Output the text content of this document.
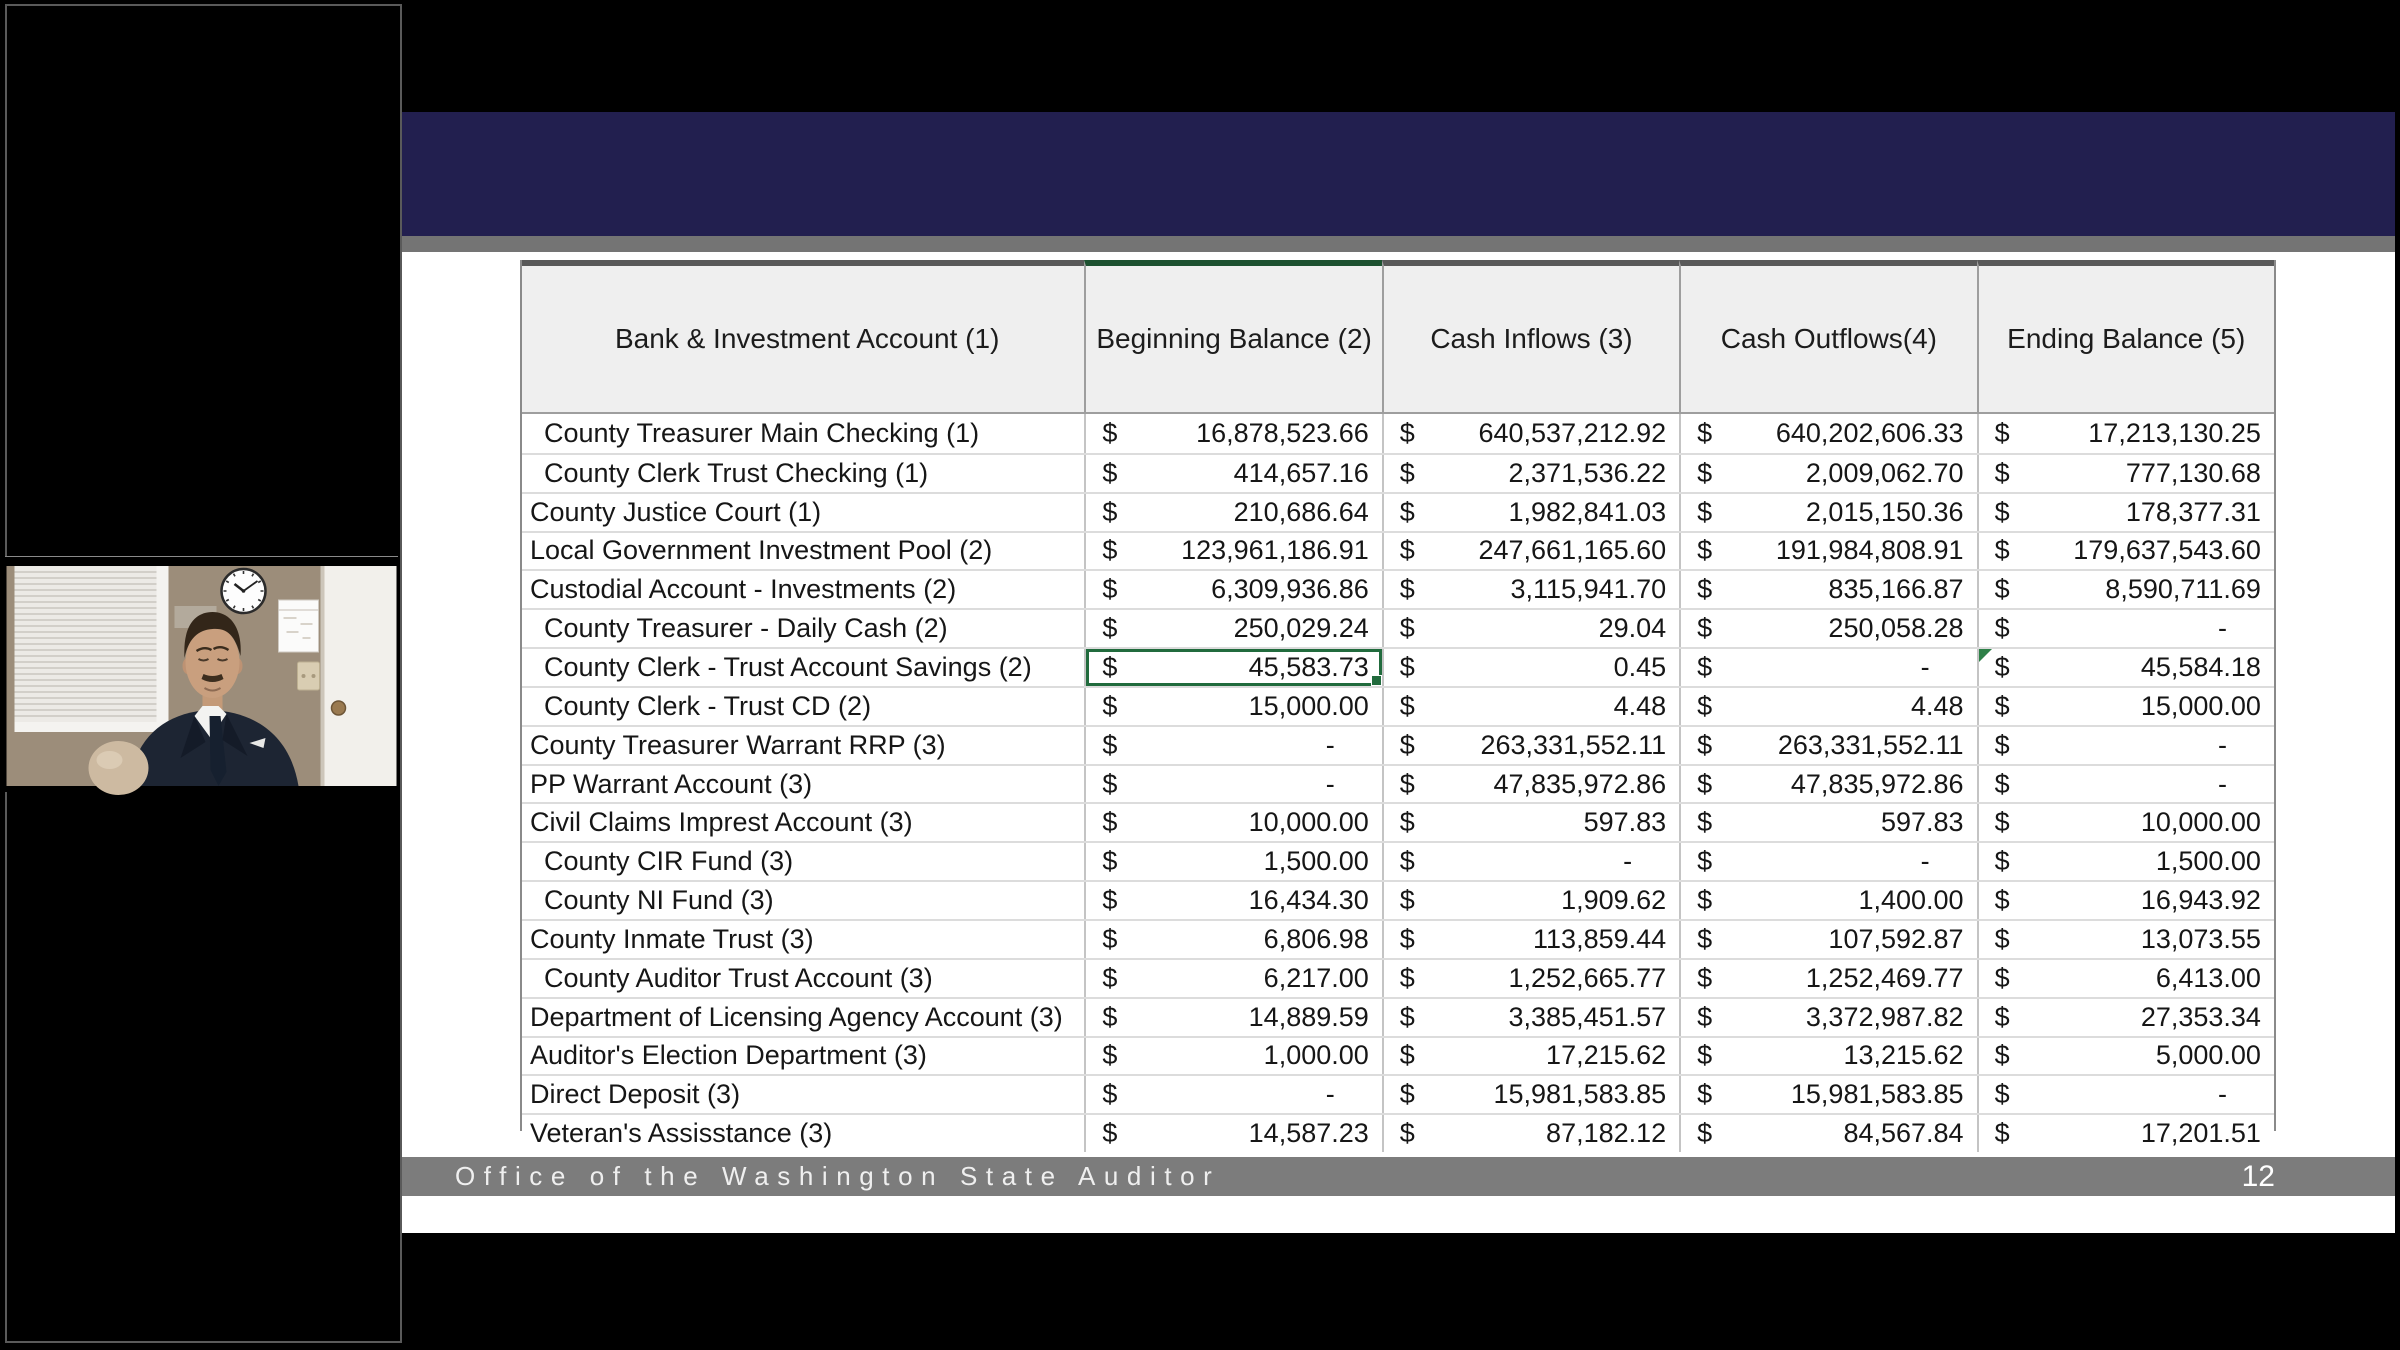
Bank & Investment Account (1)	Beginning Balance (2)	Cash Inflows (3)	Cash Outflows(4)	Ending Balance (5)
County Treasurer Main Checking (1)	$	16,878,523.66 $ 640,537,212.92 $ 640,202,606.33 $	17,213,130.25
County Clerk Trust Checking (1)	$	414,657.16 $	2,371,536.22 $	2,009,062.70 $	777,130.68
County Justice Court (1)	$	210,686.64 $	1,982,841.03 $	2,015,150.36 $	178,377.31
Local Government Investment Pool (2)	$ 123,961,186.91 $ 247,661,165.60 $ 191,984,808.91 $ 179,637,543.60
Custodial Account - Investments (2)	$	6,309,936.86 $	3,115,941.70 $	835,166.87 $	8,590,711.69
County Treasurer - Daily Cash (2)	$	250,029.24 $	29.04 $	250,058.28 $	-
County Clerk - Trust Account Savings (2)	$	45,583.73 $	0.45 $	- $	45,584.18
County Clerk - Trust CD (2)	$	15,000.00 $	4.48 $	4.48 $	15,000.00
County Treasurer Warrant RRP (3)	$	- $ 263,331,552.11 $ 263,331,552.11 $	-
PP Warrant Account (3)	$	- $	47,835,972.86 $	47,835,972.86 $	-
Civil Claims Imprest Account (3)	$	10,000.00 $	597.83 $	597.83 $	10,000.00
County CIR Fund (3)	$	1,500.00 $	- $	- $	1,500.00
County NI Fund (3)	$	16,434.30 $	1,909.62 $	1,400.00 $	16,943.92
County Inmate Trust (3)	$	6,806.98 $	113,859.44 $	107,592.87 $	13,073.55
County Auditor Trust Account (3)	$	6,217.00 $	1,252,665.77 $	1,252,469.77 $	6,413.00
Department of Licensing Agency Account (3)	$	14,889.59 $	3,385,451.57 $	3,372,987.82 $	27,353.34
Auditor's Election Department (3)	$	1,000.00 $	17,215.62 $	13,215.62 $	5,000.00
Direct Deposit (3)	$	- $	15,981,583.85 $	15,981,583.85 $	-
Veteran's Assisstance (3)	$	14,587.23 $	87,182.12 $	84,567.84 $	17,201.51
Office of the Washington State Auditor	12
